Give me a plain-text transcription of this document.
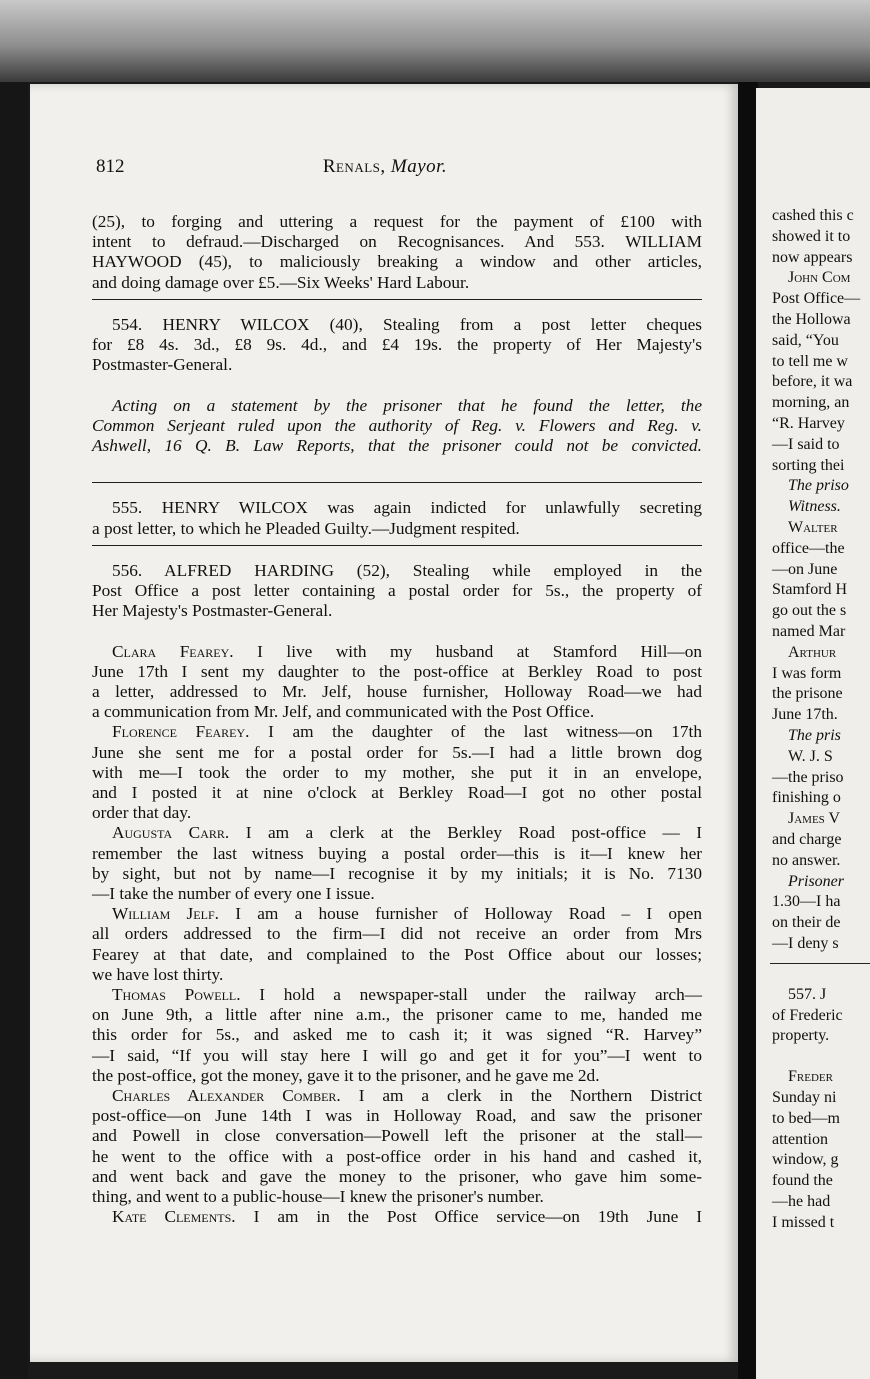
812	Renals, Mayor.
(25), to forging and uttering a request for the payment of £100 with
intent to defraud.—Discharged on Recognisances. And 553. WILLIAM
HAYWOOD (45), to maliciously breaking a window and other articles,
and doing damage over £5.—Six Weeks' Hard Labour.
554. HENRY WILCOX (40), Stealing from a post letter cheques
for £8 4s. 3d., £8 9s. 4d., and £4 19s. the property of Her Majesty's
Postmaster-General.
Acting on a statement by the prisoner that he found the letter, the
Common Serjeant ruled upon the authority of Reg. v. Flowers and Reg. v.
Ashwell, 16 Q. B. Law Reports, that the prisoner could not be convicted.
555. HENRY WILCOX was again indicted for unlawfully secreting
a post letter, to which he Pleaded Guilty.—Judgment respited.
556. ALFRED HARDING (52), Stealing while employed in the
Post Office a post letter containing a postal order for 5s., the property of
Her Majesty's Postmaster-General.
Clara Fearey. I live with my husband at Stamford Hill—on
June 17th I sent my daughter to the post-office at Berkley Road to post
a letter, addressed to Mr. Jelf, house furnisher, Holloway Road—we had
a communication from Mr. Jelf, and communicated with the Post Office.
Florence Fearey. I am the daughter of the last witness—on 17th
June she sent me for a postal order for 5s.—I had a little brown dog
with me—I took the order to my mother, she put it in an envelope,
and I posted it at nine o'clock at Berkley Road—I got no other postal
order that day.
Augusta Carr. I am a clerk at the Berkley Road post-office — I
remember the last witness buying a postal order—this is it—I knew her
by sight, but not by name—I recognise it by my initials; it is No. 7130
—I take the number of every one I issue.
William Jelf. I am a house furnisher of Holloway Road – I open
all orders addressed to the firm—I did not receive an order from Mrs
Fearey at that date, and complained to the Post Office about our losses;
we have lost thirty.
Thomas Powell. I hold a newspaper-stall under the railway arch—
on June 9th, a little after nine a.m., the prisoner came to me, handed me
this order for 5s., and asked me to cash it; it was signed “R. Harvey”
—I said, “If you will stay here I will go and get it for you”—I went to
the post-office, got the money, gave it to the prisoner, and he gave me 2d.
Charles Alexander Comber. I am a clerk in the Northern District
post-office—on June 14th I was in Holloway Road, and saw the prisoner
and Powell in close conversation—Powell left the prisoner at the stall—
he went to the office with a post-office order in his hand and cashed it,
and went back and gave the money to the prisoner, who gave him some-
thing, and went to a public-house—I knew the prisoner's number.
Kate Clements. I am in the Post Office service—on 19th June I
cashed this c
showed it to
now appears
John Com
Post Office—
the Hollowa
said, “You
to tell me w
before, it wa
morning, an
“R. Harvey
—I said to
sorting thei
The priso
Witness.
Walter
office—the
—on June
Stamford H
go out the s
named Mar
Arthur
I was form
the prisone
June 17th.
The pris
W. J. S
—the priso
finishing o
James V
and charge
no answer.
Prisoner
1.30—I ha
on their de
—I deny s
557. J
of Frederic
property.
Freder
Sunday ni
to bed—m
attention
window, g
found the
—he had
I missed t
